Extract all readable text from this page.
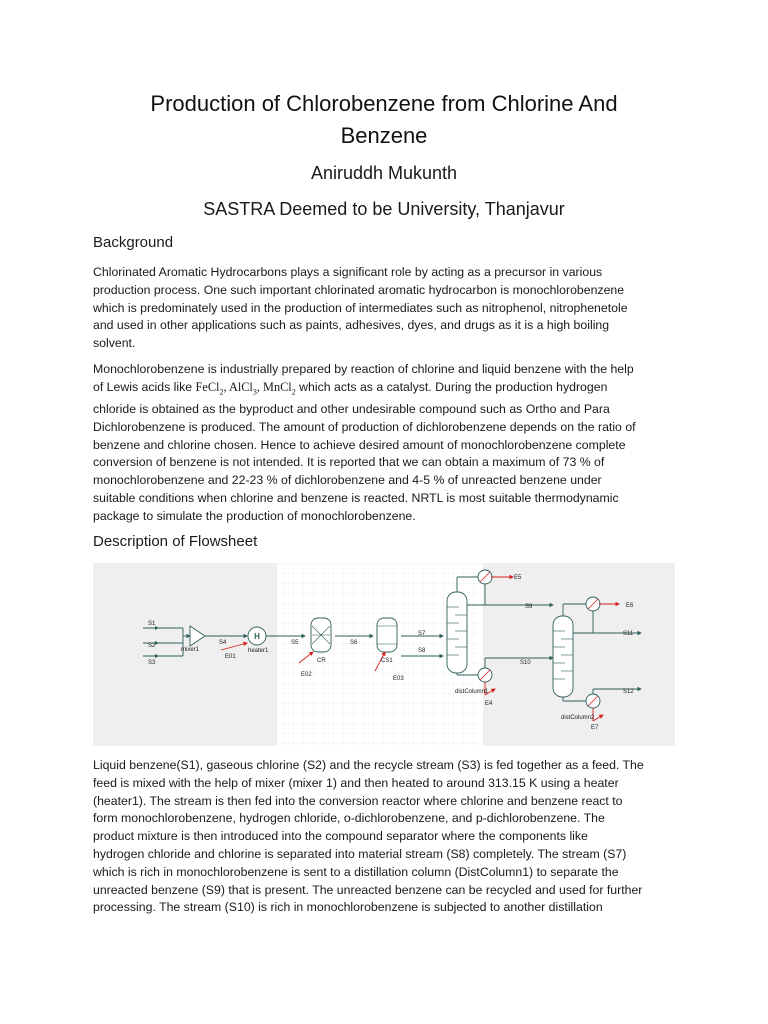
Production of Chlorobenzene from Chlorine And
Benzene

Aniruddh Mukunth

SASTRA Deemed to be University, Thanjavur

Background

Chlorinated Aromatic Hydrocarbons plays a significant role by acting as a precursor in various
production process. One such important chlorinated aromatic hydrocarbon is monochlorobenzene
which is predominately used in the production of intermediates such as nitrophenol, nitrophenetole
and used in other applications such as paints, adhesives, dyes, and drugs as it is a high boiling
solvent.

Monochlorobenzene is industrially prepared by reaction of chlorine and liquid benzene with the help
of Lewis acids like FeCl$_2$, AlCl$_3$, MnCl$_2$ which acts as a catalyst. During the production hydrogen
chloride is obtained as the byproduct and other undesirable compound such as Ortho and Para
Dichlorobenzene is produced. The amount of production of dichlorobenzene depends on the ratio of
benzene and chlorine chosen. Hence to achieve desired amount of monochlorobenzene complete
conversion of benzene is not intended. It is reported that we can obtain a maximum of 73 % of
monochlorobenzene and 22-23 % of dichlorobenzene and 4-5 % of unreacted benzene under
suitable conditions when chlorine and benzene is reacted. NRTL is most suitable thermodynamic
package to simulate the production of monochlorobenzene.

Description of Flowsheet
H
S1
S2
S3
S4
mixer1	heater1
E01
S5
CR
E02
S6
CS1
E03
S7
S8
E5
S9
distColumn1
E4
S10
E6
S11
S12
distColumn2
E7

Liquid benzene(S1), gaseous chlorine (S2) and the recycle stream (S3) is fed together as a feed. The
feed is mixed with the help of mixer (mixer 1) and then heated to around 313.15 K using a heater
(heater1). The stream is then fed into the conversion reactor where chlorine and benzene react to
form monochlorobenzene, hydrogen chloride, o-dichlorobenzene, and p-dichlorobenzene. The
product mixture is then introduced into the compound separator where the components like
hydrogen chloride and chlorine is separated into material stream (S8) completely. The stream (S7)
which is rich in monochlorobenzene is sent to a distillation column (DistColumn1) to separate the
unreacted benzene (S9) that is present. The unreacted benzene can be recycled and used for further
processing. The stream (S10) is rich in monochlorobenzene is subjected to another distillation
